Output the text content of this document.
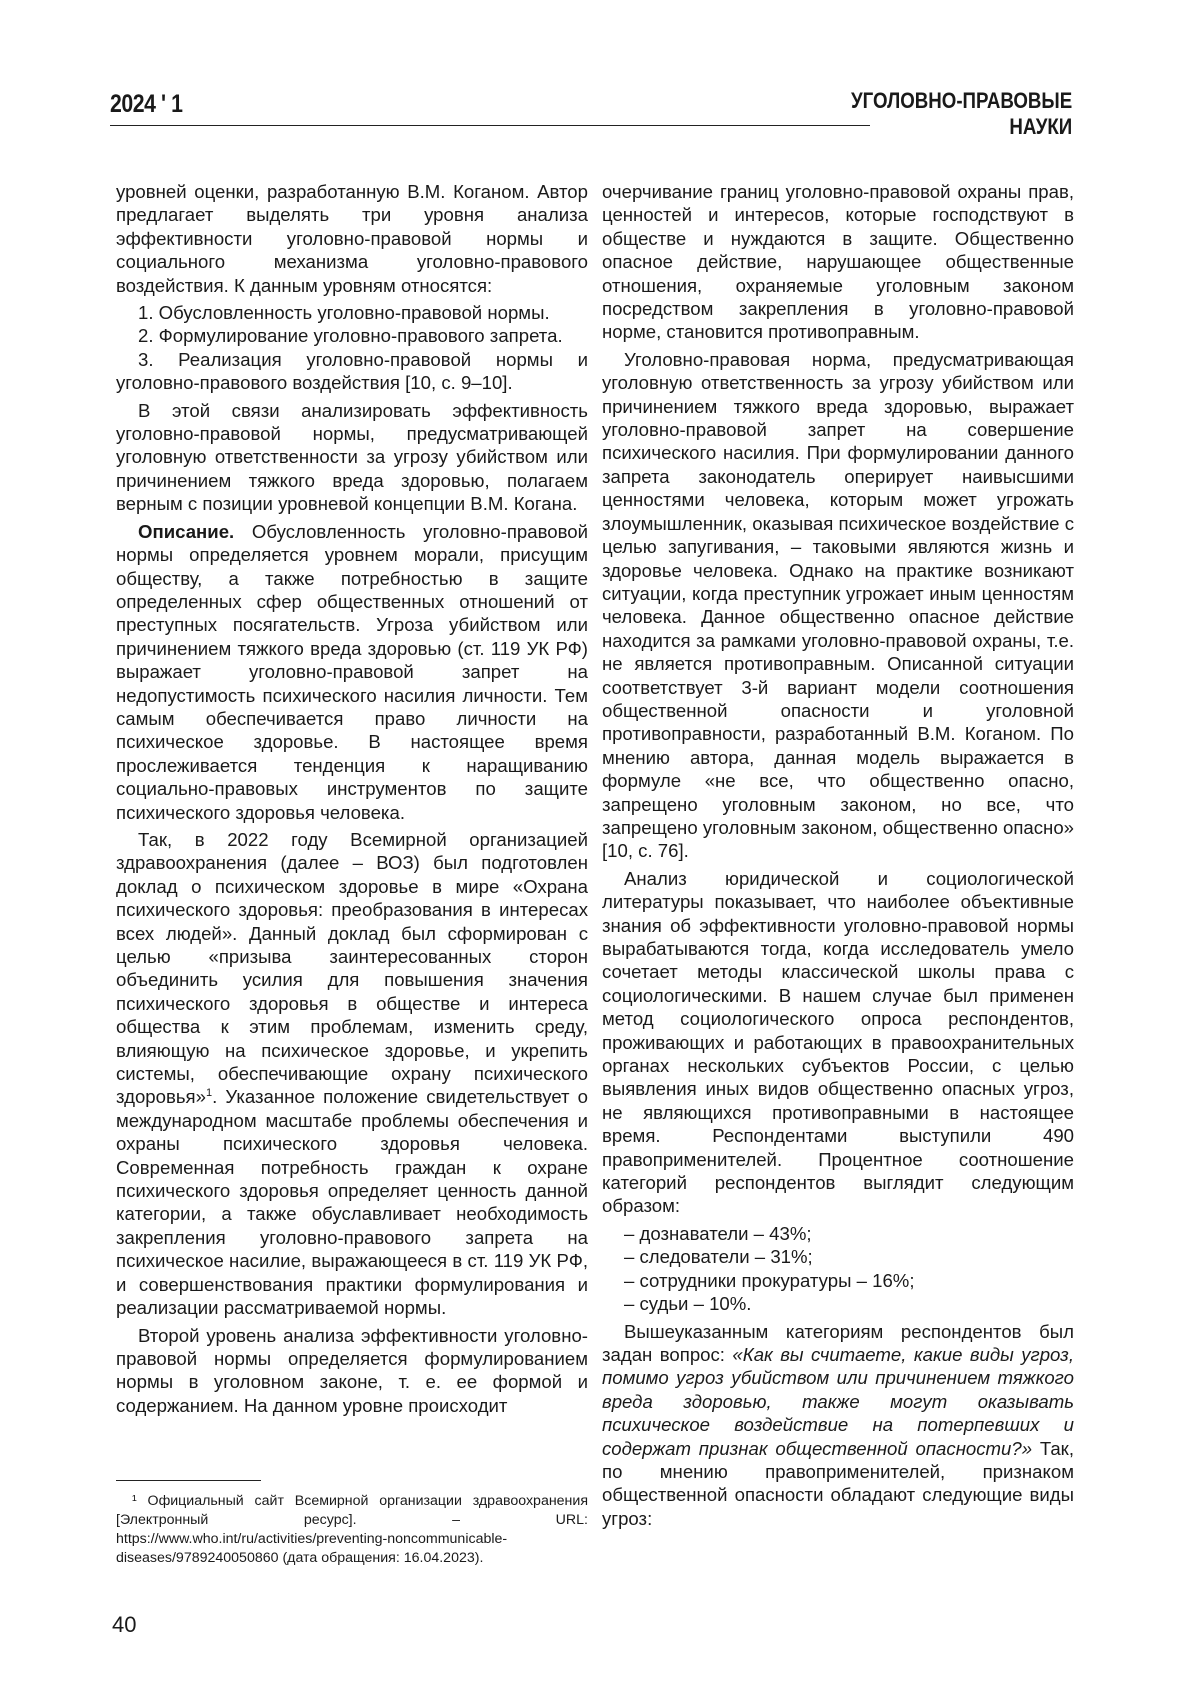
2024 ' 1	УГОЛОВНО-ПРАВОВЫЕ
НАУКИ

уровней оценки, разработанную В.М. Коганом. Автор предлагает выделять три уровня анализа эффективности уголовно-правовой нормы и социального механизма уголовно-правового воздействия. К данным уровням относятся:

1. Обусловленность уголовно-правовой нормы.

2. Формулирование уголовно-правового запрета.

3. Реализация уголовно-правовой нормы и уголовно-правового воздействия [10, с. 9–10].

В этой связи анализировать эффективность уголовно-правовой нормы, предусматривающей уголовную ответственности за угрозу убийством или причинением тяжкого вреда здоровью, полагаем верным с позиции уровневой концепции В.М. Когана.

Описание. Обусловленность уголовно-правовой нормы определяется уровнем морали, присущим обществу, а также потребностью в защите определенных сфер общественных отношений от преступных посягательств. Угроза убийством или причинением тяжкого вреда здоровью (ст. 119 УК РФ) выражает уголовно-правовой запрет на недопустимость психического насилия личности. Тем самым обеспечивается право личности на психическое здоровье. В настоящее время прослеживается тенденция к наращиванию социально-правовых инструментов по защите психического здоровья человека.

Так, в 2022 году Всемирной организацией здравоохранения (далее – ВОЗ) был подготовлен доклад о психическом здоровье в мире «Охрана психического здоровья: преобразования в интересах всех людей». Данный доклад был сформирован с целью «призыва заинтересованных сторон объединить усилия для повышения значения психического здоровья в обществе и интереса общества к этим проблемам, изменить среду, влияющую на психическое здоровье, и укрепить системы, обеспечивающие охрану психического здоровья»$^1$. Указанное положение свидетельствует о международном масштабе проблемы обеспечения и охраны психического здоровья человека. Современная потребность граждан к охране психического здоровья определяет ценность данной категории, а также обуславливает необходимость закрепления уголовно-правового запрета на психическое насилие, выражающееся в ст. 119 УК РФ, и совершенствования практики формулирования и реализации рассматриваемой нормы.

Второй уровень анализа эффективности уголовно-правовой нормы определяется формулированием нормы в уголовном законе, т. е. ее формой и содержанием. На данном уровне происходит

очерчивание границ уголовно-правовой охраны прав, ценностей и интересов, которые господствуют в обществе и нуждаются в защите. Общественно опасное действие, нарушающее общественные отношения, охраняемые уголовным законом посредством закрепления в уголовно-правовой норме, становится противоправным.

Уголовно-правовая норма, предусматривающая уголовную ответственность за угрозу убийством или причинением тяжкого вреда здоровью, выражает уголовно-правовой запрет на совершение психического насилия. При формулировании данного запрета законодатель оперирует наивысшими ценностями человека, которым может угрожать злоумышленник, оказывая психическое воздействие с целью запугивания, – таковыми являются жизнь и здоровье человека. Однако на практике возникают ситуации, когда преступник угрожает иным ценностям человека. Данное общественно опасное действие находится за рамками уголовно-правовой охраны, т.е. не является противоправным. Описанной ситуации соответствует 3-й вариант модели соотношения общественной опасности и уголовной противоправности, разработанный В.М. Коганом. По мнению автора, данная модель выражается в формуле «не все, что общественно опасно, запрещено уголовным законом, но все, что запрещено уголовным законом, общественно опасно» [10, с. 76].

Анализ юридической и социологической литературы показывает, что наиболее объективные знания об эффективности уголовно-правовой нормы вырабатываются тогда, когда исследователь умело сочетает методы классической школы права с социологическими. В нашем случае был применен метод социологического опроса респондентов, проживающих и работающих в правоохранительных органах нескольких субъектов России, с целью выявления иных видов общественно опасных угроз, не являющихся противоправными в настоящее время. Респондентами выступили 490 правоприменителей. Процентное соотношение категорий респондентов выглядит следующим образом:

– дознаватели – 43%;

– следователи – 31%;

– сотрудники прокуратуры – 16%;

– судьи – 10%.

Вышеуказанным категориям респондентов был задан вопрос: «Как вы считаете, какие виды угроз, помимо угроз убийством или причинением тяжкого вреда здоровью, также могут оказывать психическое воздействие на потерпевших и содержат признак общественной опасности?» Так, по мнению правоприменителей, признаком общественной опасности обладают следующие виды угроз:

¹ Официальный сайт Всемирной организации здравоохранения [Электронный ресурс]. – URL: https://www.who.int/ru/activities/preventing-noncommunicable-diseases/9789240050860 (дата обращения: 16.04.2023).
40
